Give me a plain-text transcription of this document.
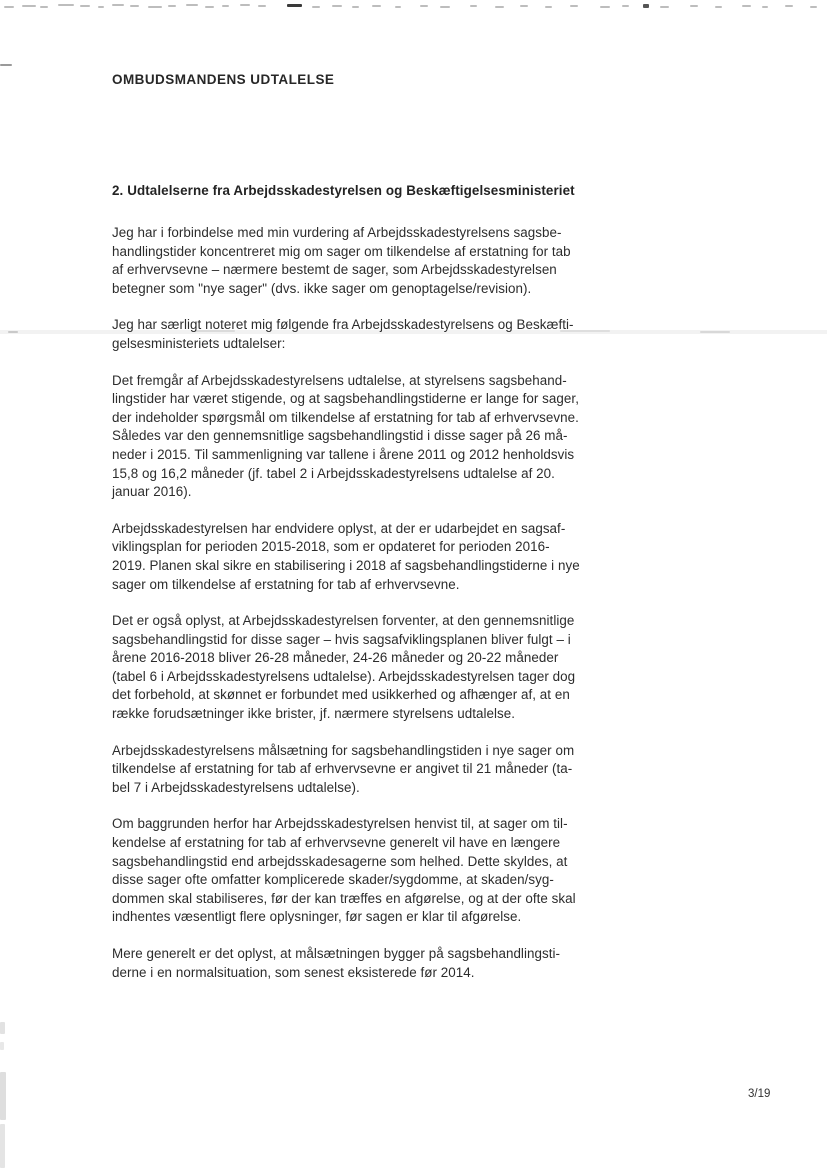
OMBUDSMANDENS UDTALELSE
2. Udtalelserne fra Arbejdsskadestyrelsen og Beskæftigelsesministeriet
Jeg har i forbindelse med min vurdering af Arbejdsskadestyrelsens sagsbe-
handlingstider koncentreret mig om sager om tilkendelse af erstatning for tab
af erhvervsevne – nærmere bestemt de sager, som Arbejdsskadestyrelsen
betegner som "nye sager" (dvs. ikke sager om genoptagelse/revision).
Jeg har særligt noteret mig følgende fra Arbejdsskadestyrelsens og Beskæfti-
gelsesministeriets udtalelser:
Det fremgår af Arbejdsskadestyrelsens udtalelse, at styrelsens sagsbehand-
lingstider har været stigende, og at sagsbehandlingstiderne er lange for sager,
der indeholder spørgsmål om tilkendelse af erstatning for tab af erhvervsevne.
Således var den gennemsnitlige sagsbehandlingstid i disse sager på 26 må-
neder i 2015. Til sammenligning var tallene i årene 2011 og 2012 henholdsvis
15,8 og 16,2 måneder (jf. tabel 2 i Arbejdsskadestyrelsens udtalelse af 20.
januar 2016).
Arbejdsskadestyrelsen har endvidere oplyst, at der er udarbejdet en sagsaf-
viklingsplan for perioden 2015-2018, som er opdateret for perioden 2016-
2019. Planen skal sikre en stabilisering i 2018 af sagsbehandlingstiderne i nye
sager om tilkendelse af erstatning for tab af erhvervsevne.
Det er også oplyst, at Arbejdsskadestyrelsen forventer, at den gennemsnitlige
sagsbehandlingstid for disse sager – hvis sagsafviklingsplanen bliver fulgt – i
årene 2016-2018 bliver 26-28 måneder, 24-26 måneder og 20-22 måneder
(tabel 6 i Arbejdsskadestyrelsens udtalelse). Arbejdsskadestyrelsen tager dog
det forbehold, at skønnet er forbundet med usikkerhed og afhænger af, at en
række forudsætninger ikke brister, jf. nærmere styrelsens udtalelse.
Arbejdsskadestyrelsens målsætning for sagsbehandlingstiden i nye sager om
tilkendelse af erstatning for tab af erhvervsevne er angivet til 21 måneder (ta-
bel 7 i Arbejdsskadestyrelsens udtalelse).
Om baggrunden herfor har Arbejdsskadestyrelsen henvist til, at sager om til-
kendelse af erstatning for tab af erhvervsevne generelt vil have en længere
sagsbehandlingstid end arbejdsskadesagerne som helhed. Dette skyldes, at
disse sager ofte omfatter komplicerede skader/sygdomme, at skaden/syg-
dommen skal stabiliseres, før der kan træffes en afgørelse, og at der ofte skal
indhentes væsentligt flere oplysninger, før sagen er klar til afgørelse.
Mere generelt er det oplyst, at målsætningen bygger på sagsbehandlingsti-
derne i en normalsituation, som senest eksisterede før 2014.
3/19
